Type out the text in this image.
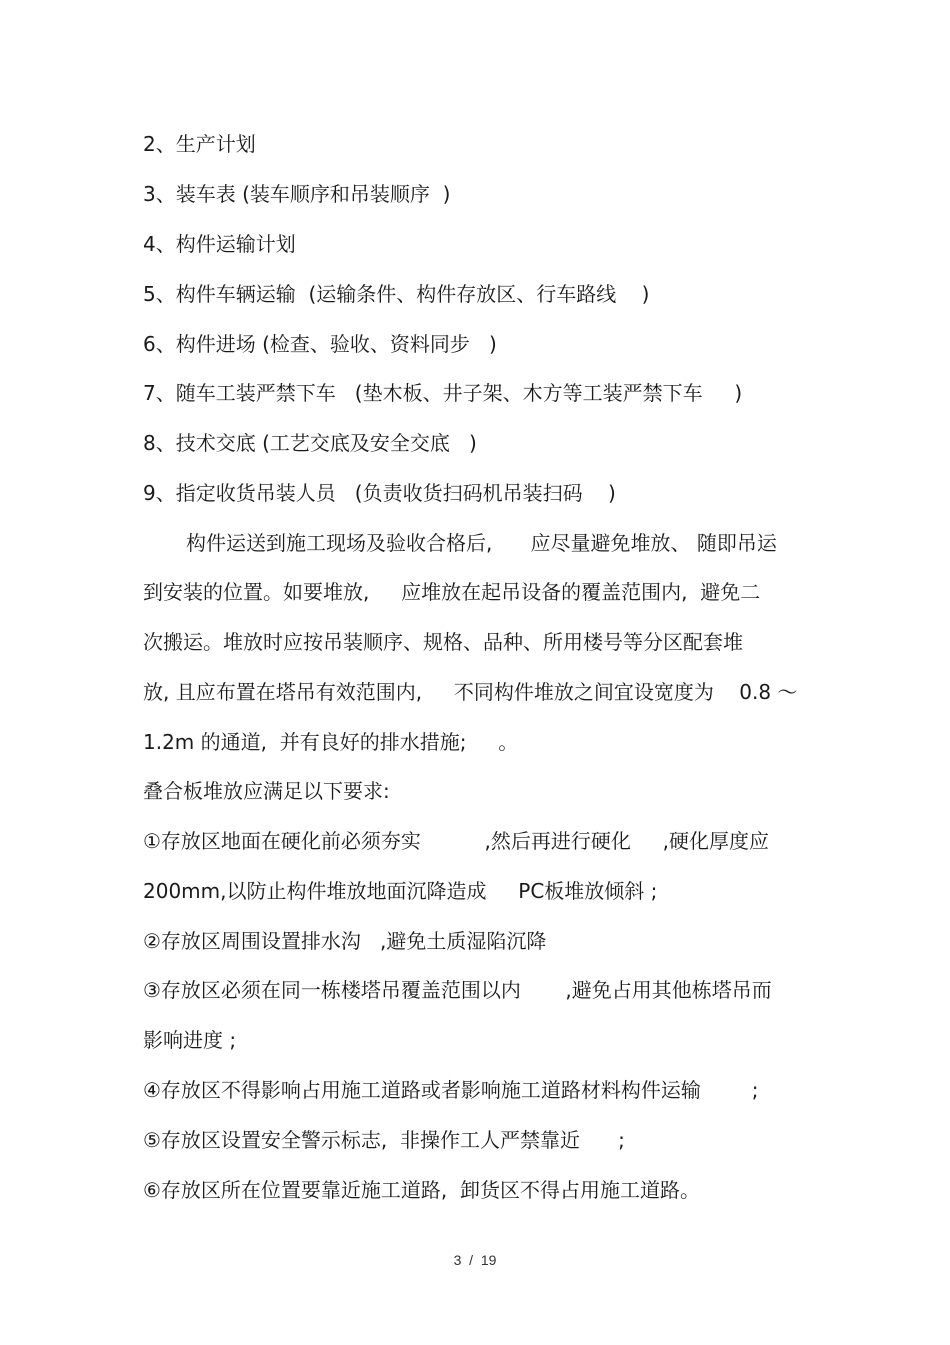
2、生产计划
3、装车表 (装车顺序和吊装顺序  )
4、构件运输计划
5、构件车辆运输  (运输条件、构件存放区、行车路线    )
6、构件进场 (检查、验收、资料同步   )
7、随车工装严禁下车   (垫木板、井子架、木方等工装严禁下车     )
8、技术交底 (工艺交底及安全交底   )
9、指定收货吊装人员   (负责收货扫码机吊装扫码    )
构件运送到施工现场及验收合格后,      应尽量避免堆放、 随即吊运
到安装的位置。如要堆放,     应堆放在起吊设备的覆盖范围内,  避免二
次搬运。堆放时应按吊装顺序、规格、品种、所用楼号等分区配套堆
放, 且应布置在塔吊有效范围内,     不同构件堆放之间宜设宽度为    0.8 ～
1.2m 的通道,  并有良好的排水措施;     。
叠合板堆放应满足以下要求:
①存放区地面在硬化前必须夯实          ,然后再进行硬化     ,硬化厚度应
200mm,以防止构件堆放地面沉降造成     PC板堆放倾斜 ;
②存放区周围设置排水沟   ,避免土质湿陷沉降
③存放区必须在同一栋楼塔吊覆盖范围以内       ,避免占用其他栋塔吊而
影响进度 ;
④存放区不得影响占用施工道路或者影响施工道路材料构件运输        ;
⑤存放区设置安全警示标志,  非操作工人严禁靠近      ;
⑥存放区所在位置要靠近施工道路,  卸货区不得占用施工道路。
3  /  19
